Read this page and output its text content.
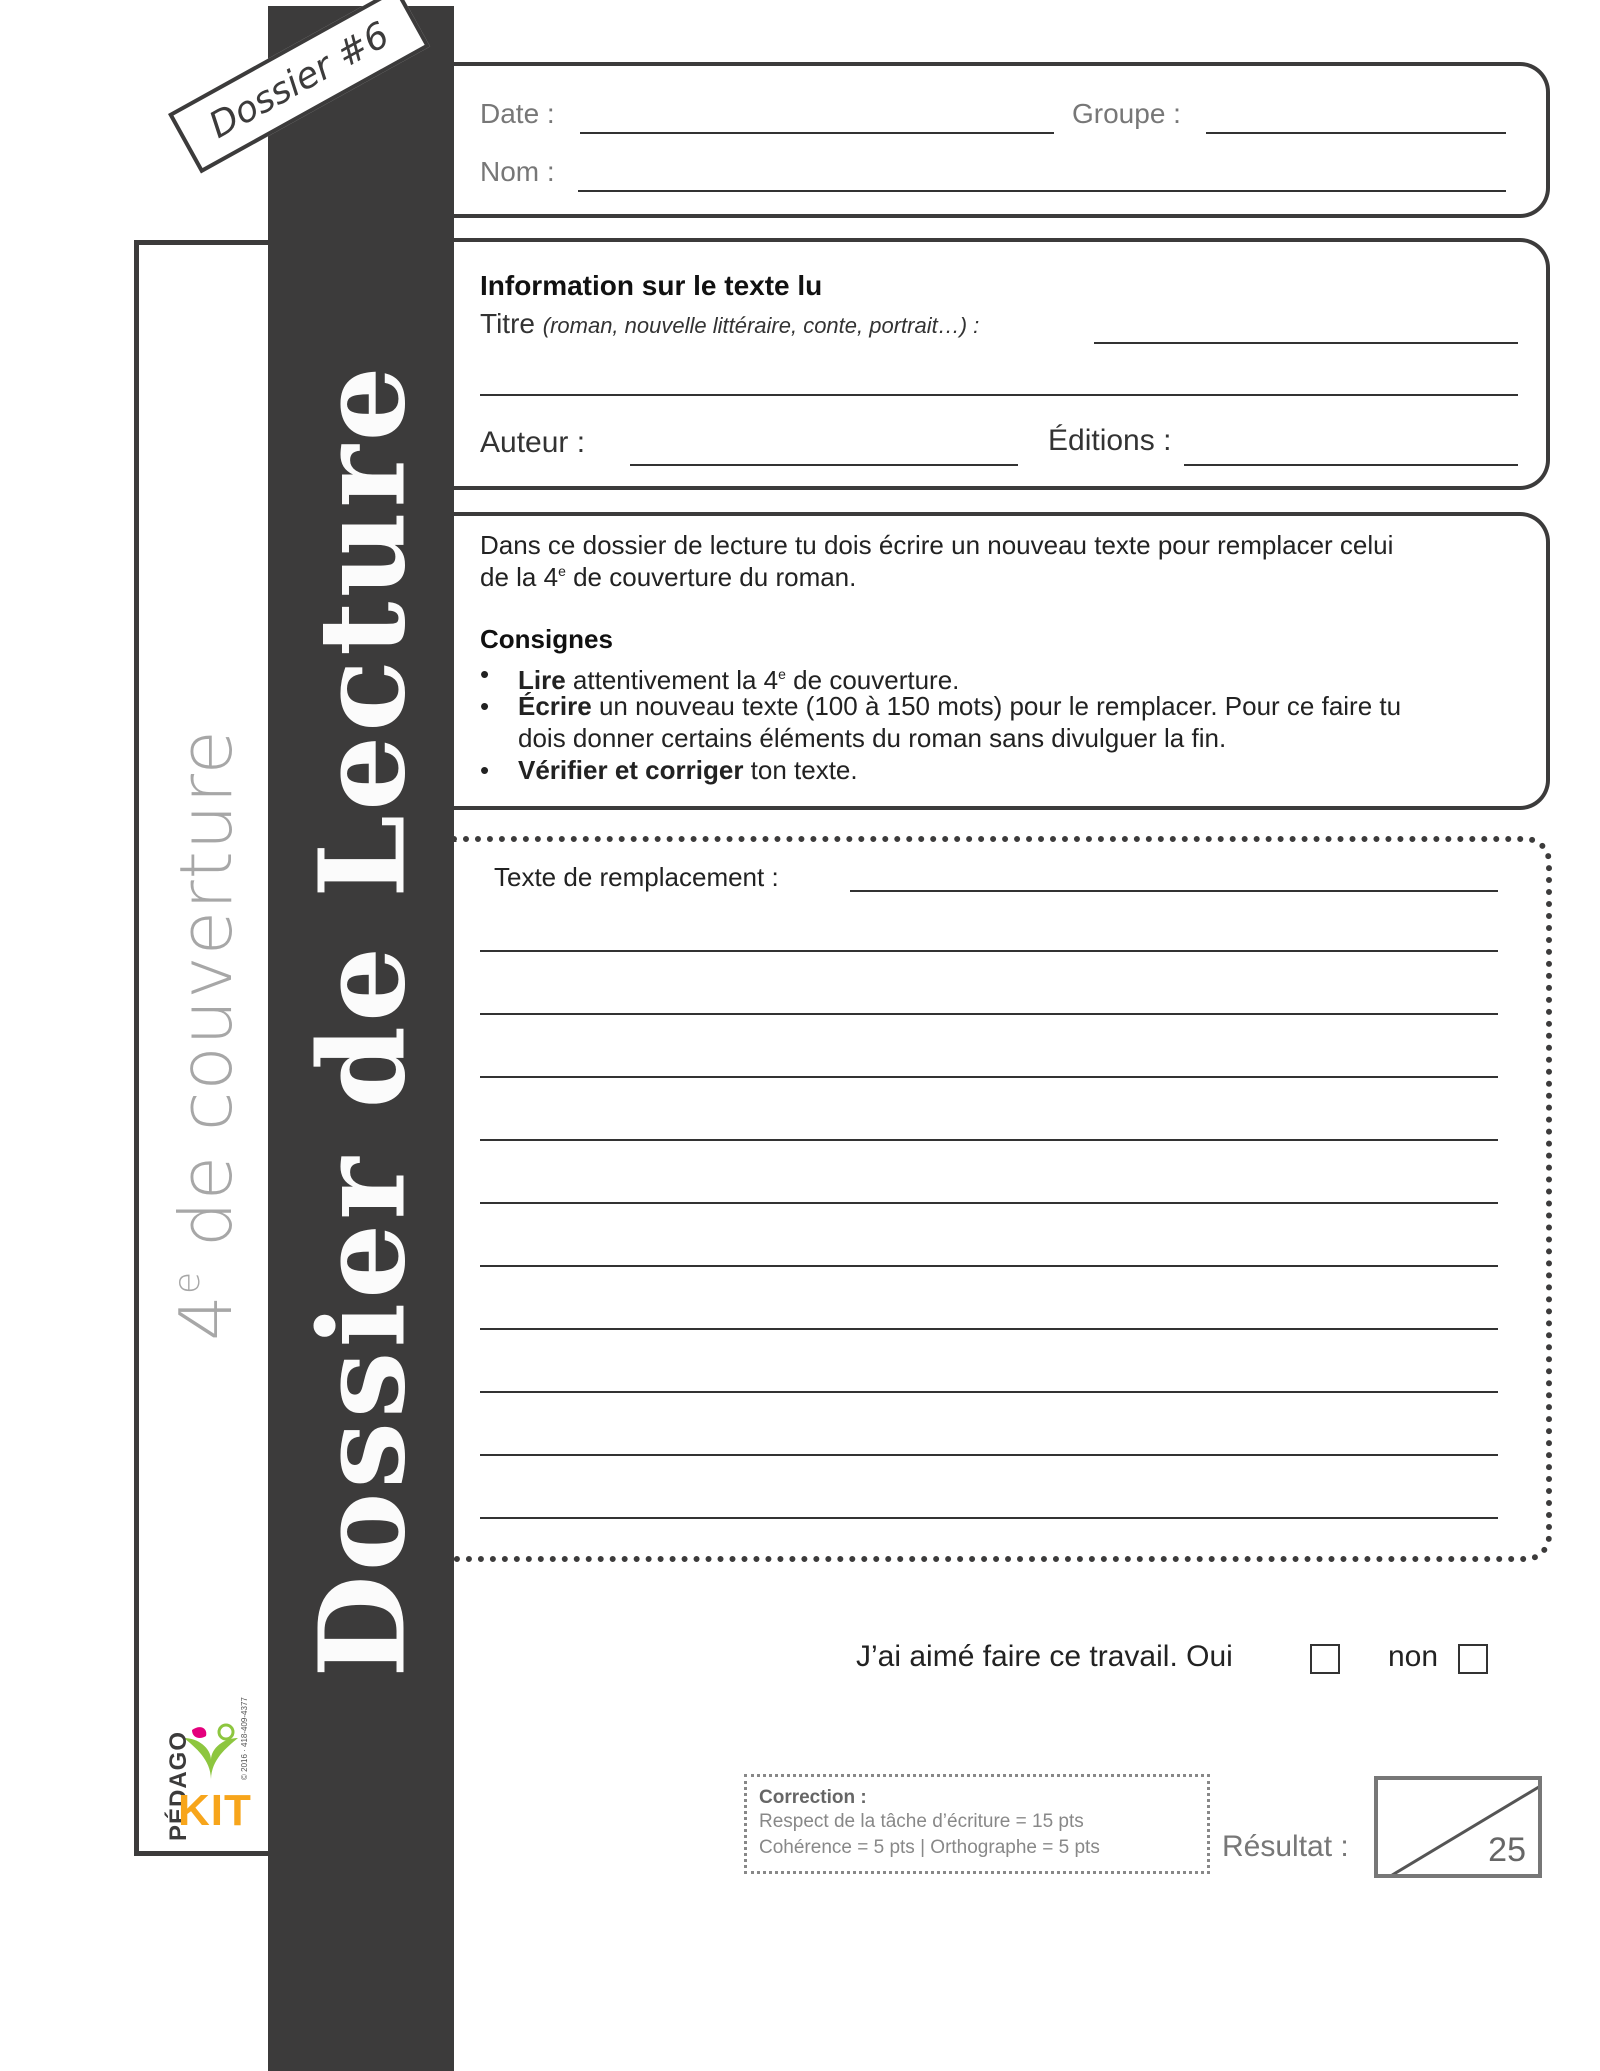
4e de couverture Dossier de Lecture
Dossier #6
PÉDAGO
KIT
© 2016 · 418-409-4377
Date :	Groupe :
Nom :
Information sur le texte lu
Titre (roman, nouvelle littéraire, conte, portrait…) :
Auteur :	Éditions :
Dans ce dossier de lecture tu dois écrire un nouveau texte pour remplacer celui
de la 4e de couverture du roman.
Consignes
• Lire attentivement la 4e de couverture.
• Écrire un nouveau texte (100 à 150 mots) pour le remplacer. Pour ce faire tu
dois donner certains éléments du roman sans divulguer la fin.
• Vérifier et corriger ton texte.
Texte de remplacement :
J’ai aimé faire ce travail. Oui	non
Correction :
Respect de la tâche d’écriture = 15 pts
Cohérence = 5 pts | Orthographe = 5 pts	Résultat :	25
